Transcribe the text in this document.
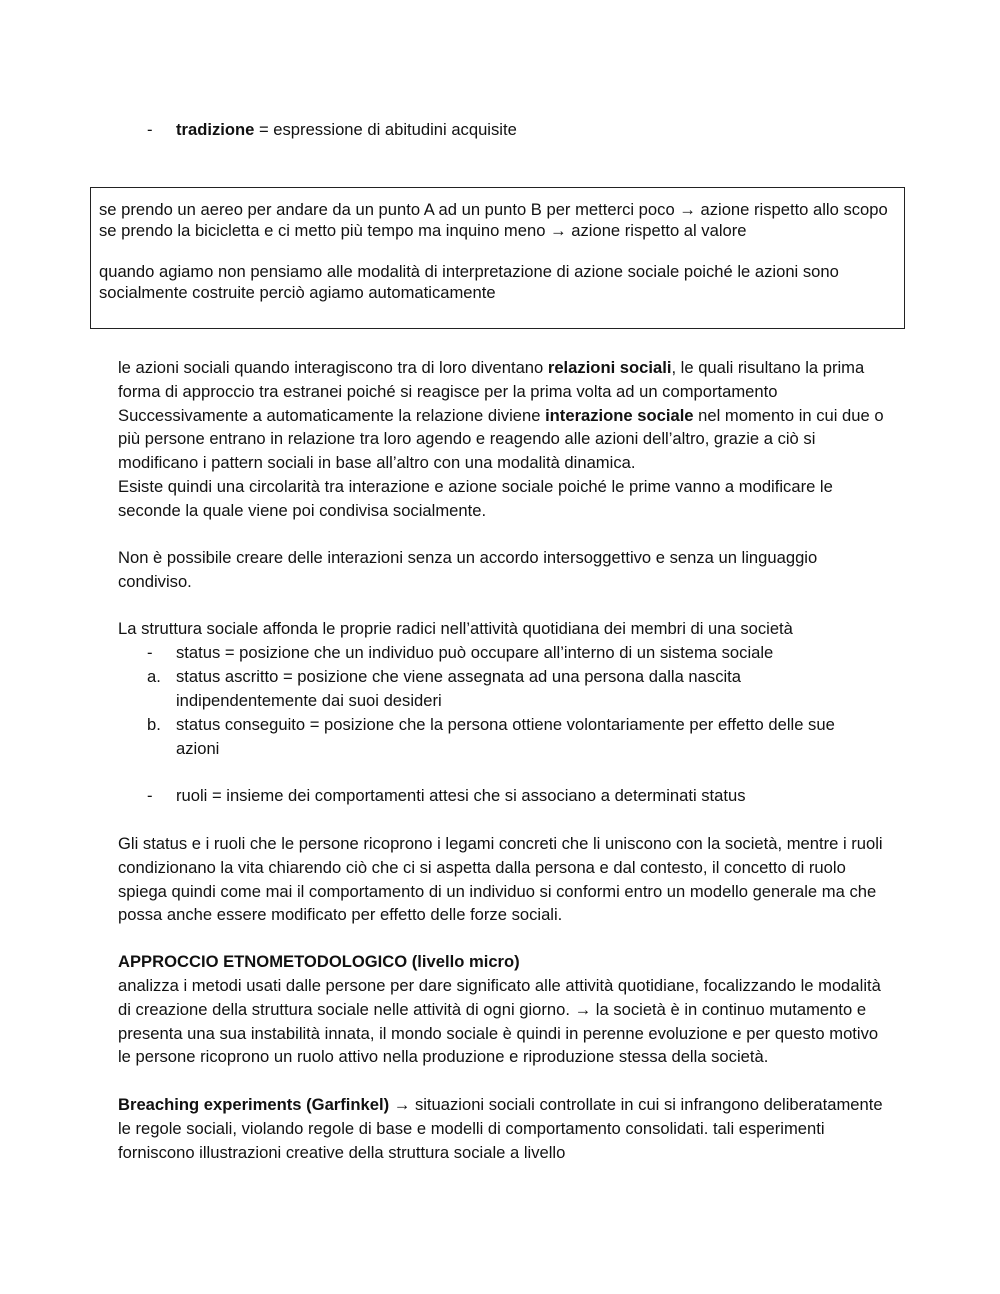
- tradizione = espressione di abitudini acquisite

se prendo un aereo per andare da un punto A ad un punto B per metterci poco → azione rispetto allo scopo

se prendo la bicicletta e ci metto più tempo ma inquino meno → azione rispetto al valore

quando agiamo non pensiamo alle modalità di interpretazione di azione sociale poiché le azioni sono socialmente costruite perciò agiamo automaticamente

le azioni sociali quando interagiscono tra di loro diventano relazioni sociali, le quali risultano la prima forma di approccio tra estranei poiché si reagisce per la prima volta ad un comportamento

Successivamente a automaticamente la relazione diviene interazione sociale nel momento in cui due o più persone entrano in relazione tra loro agendo e reagendo alle azioni dell’altro, grazie a ciò si modificano i pattern sociali in base all’altro con una modalità dinamica.

Esiste quindi una circolarità tra interazione e azione sociale poiché le prime vanno a modificare le seconde la quale viene poi condivisa socialmente.

Non è possibile creare delle interazioni senza un accordo intersoggettivo e senza un linguaggio condiviso.

La struttura sociale affonda le proprie radici nell’attività quotidiana dei membri di una società

- status = posizione che un individuo può occupare all’interno di un sistema sociale
a. status ascritto = posizione che viene assegnata ad una persona dalla nascita indipendentemente dai suoi desideri
b. status conseguito = posizione che la persona ottiene volontariamente per effetto delle sue azioni
- ruoli = insieme dei comportamenti attesi che si associano a determinati status

Gli status e i ruoli che le persone ricoprono i legami concreti che li uniscono con la società, mentre i ruoli condizionano la vita chiarendo ciò che ci si aspetta dalla persona e dal contesto, il concetto di ruolo spiega quindi come mai il comportamento di un individuo si conformi entro un modello generale ma che possa anche essere modificato per effetto delle forze sociali.

APPROCCIO ETNOMETODOLOGICO (livello micro)

analizza i metodi usati dalle persone per dare significato alle attività quotidiane, focalizzando le modalità di creazione della struttura sociale nelle attività di ogni giorno. → la società è in continuo mutamento e presenta una sua instabilità innata, il mondo sociale è quindi in perenne evoluzione e per questo motivo le persone ricoprono un ruolo attivo nella produzione e riproduzione stessa della società.

Breaching experiments (Garfinkel) → situazioni sociali controllate in cui si infrangono deliberatamente le regole sociali, violando regole di base e modelli di comportamento consolidati. tali esperimenti forniscono illustrazioni creative della struttura sociale a livello
